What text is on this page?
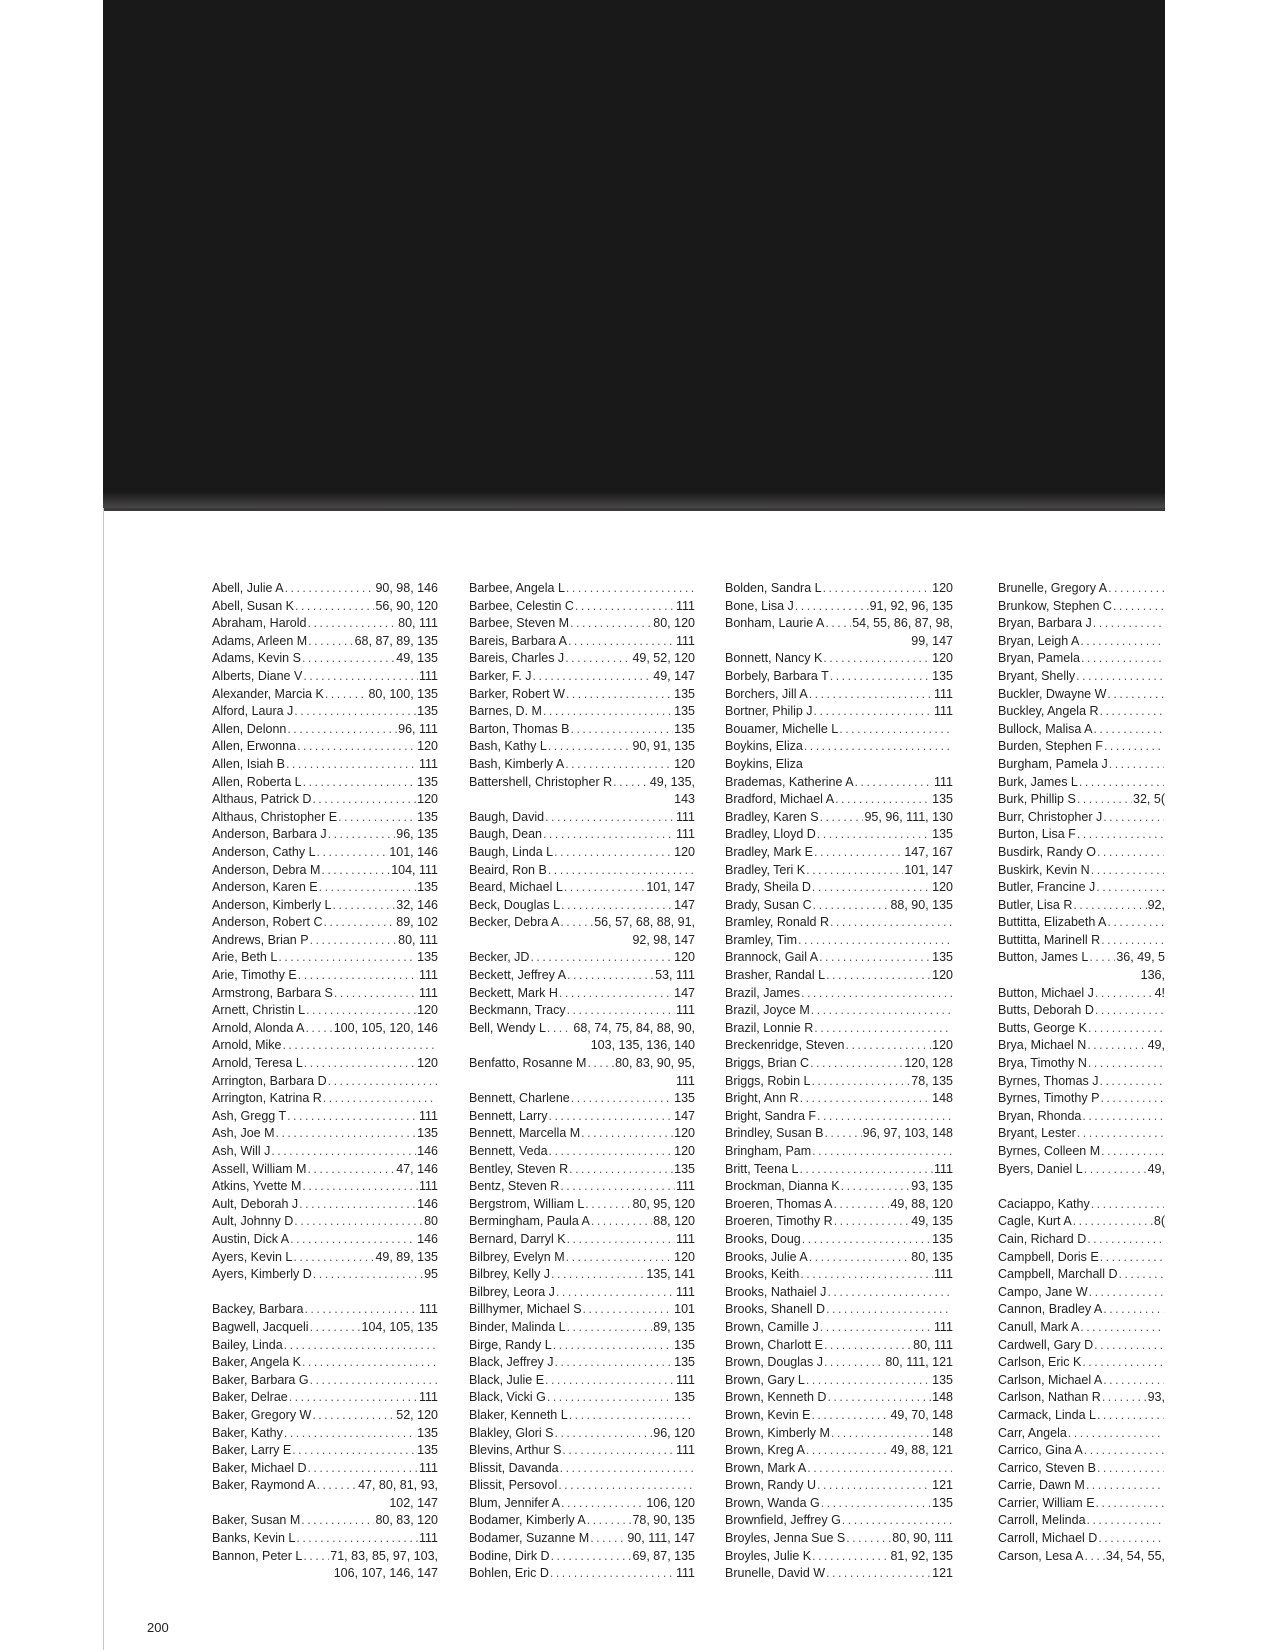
Abell, Julie A . . .	90, 98, 146
Abell, Susan K . . .	56, 90, 120
Abraham, Harold . . .	80, 111
Adams, Arleen M . . .	68, 87, 89, 135
Adams, Kevin S . . .	49, 135
Alberts, Diane V . . .	111
Alexander, Marcia K . . .	80, 100, 135
Alford, Laura J . . .	135
Allen, Delonn . . .	96, 111
Allen, Erwonna . . .	120
Allen, Isiah B . . .	111
Allen, Roberta L . . .	135
Althaus, Patrick D . . .	120
Althaus, Christopher E . . .	135
Anderson, Barbara J . . .	96, 135
Anderson, Cathy L . . .	101, 146
Anderson, Debra M . . .	104, 111
Anderson, Karen E . . .	135
Anderson, Kimberly L . . .	32, 146
Anderson, Robert C . . .	89, 102
Andrews, Brian P . . .	80, 111
Arie, Beth L . . .	135
Arie, Timothy E . . .	111
Armstrong, Barbara S . . .	111
Arnett, Christin L . . .	120
Arnold, Alonda A . . . 100, 105, 120, 146
Arnold, Mike
. . .
Arnold, Teresa L . . .	120
Arrington, Barbara D
. . .
Arrington, Katrina R
. . .
Ash, Gregg T . . .	111
Ash, Joe M . . .	135
Ash, Will J . . .	146
Assell, William M . . .	47, 146
Atkins, Yvette M . . .	111
Ault, Deborah J . . .	146
Ault, Johnny D . . .	80
Austin, Dick A . . .	146
Ayers, Kevin L . . .	49, 89, 135
Ayers, Kimberly D . . .	95
Backey, Barbara . . .	111
Bagwell, Jacqueli . . .	104, 105, 135
Bailey, Linda
. . .
Baker, Angela K
. . .
Baker, Barbara G
. . .
Baker, Delrae . . .	111
Baker, Gregory W . . .	52, 120
Baker, Kathy . . .	135
Baker, Larry E . . .	135
Baker, Michael D . . .	111
Baker, Raymond A . . .	47, 80, 81, 93,
102, 147
Baker, Susan M . . .	80, 83, 120
Banks, Kevin L . . .	111
Bannon, Peter L . . . 71, 83, 85, 97, 103,
106, 107, 146, 147
Barbee, Angela L
. . .
Barbee, Celestin C . . .	111
Barbee, Steven M . . .	80, 120
Bareis, Barbara A . . .	111
Bareis, Charles J . . .	49, 52, 120
Barker, F. J . . .	49, 147
Barker, Robert W . . .	135
Barnes, D. M . . .	135
Barton, Thomas B . . .	135
Bash, Kathy L . . .	90, 91, 135
Bash, Kimberly A . . .	120
Battershell, Christopher R . . .	49, 135,
143
Baugh, David . . .	111
Baugh, Dean . . .	111
Baugh, Linda L . . .	120
Beaird, Ron B
. . .
Beard, Michael L . . .	101, 147
Beck, Douglas L . . .	147
Becker, Debra A . . .	56, 57, 68, 88, 91,
92, 98, 147
Becker, JD . . .	120
Beckett, Jeffrey A . . .	53, 111
Beckett, Mark H . . .	147
Beckmann, Tracy . . .	111
Bell, Wendy L . . . 68, 74, 75, 84, 88, 90,
103, 135, 136, 140
Benfatto, Rosanne M . . . 80, 83, 90, 95,
111
Bennett, Charlene . . .	135
Bennett, Larry . . .	147
Bennett, Marcella M . . .	120
Bennett, Veda . . .	120
Bentley, Steven R . . .	135
Bentz, Steven R . . .	111
Bergstrom, William L . . .	80, 95, 120
Bermingham, Paula A . . .	88, 120
Bernard, Darryl K . . .	111
Bilbrey, Evelyn M . . .	120
Bilbrey, Kelly J . . .	135, 141
Bilbrey, Leora J . . .	111
Billhymer, Michael S . . .	101
Binder, Malinda L . . .	89, 135
Birge, Randy L . . .	135
Black, Jeffrey J . . .	135
Black, Julie E . . .	111
Black, Vicki G . . .	135
Blaker, Kenneth L
. . .
Blakley, Glori S . . .	96, 120
Blevins, Arthur S . . .	111
Blissit, Davanda
. . .
Blissit, Persovol
. . .
Blum, Jennifer A . . .	106, 120
Bodamer, Kimberly A . . .	78, 90, 135
Bodamer, Suzanne M . . .	90, 111, 147
Bodine, Dirk D . . .	69, 87, 135
Bohlen, Eric D . . .	111
Bolden, Sandra L . . .	120
Bone, Lisa J . . .	91, 92, 96, 135
Bonham, Laurie A . . . 54, 55, 86, 87, 98,
99, 147
Bonnett, Nancy K . . .	120
Borbely, Barbara T . . .	135
Borchers, Jill A . . .	111
Bortner, Philip J . . .	111
Bouamer, Michelle L
. . .
Boykins, Eliza
. . .
Boykins, Eliza
Brademas, Katherine A . . .	111
Bradford, Michael A . . .	135
Bradley, Karen S . . .	95, 96, 111, 130
Bradley, Lloyd D . . .	135
Bradley, Mark E . . .	147, 167
Bradley, Teri K . . .	101, 147
Brady, Sheila D . . .	120
Brady, Susan C . . .	88, 90, 135
Bramley, Ronald R
. . .
Bramley, Tim
. . .
Brannock, Gail A . . .	135
Brasher, Randal L . . .	120
Brazil, James
. . .
Brazil, Joyce M
. . .
Brazil, Lonnie R
. . .
Breckenridge, Steven . . .	120
Briggs, Brian C . . .	120, 128
Briggs, Robin L . . .	78, 135
Bright, Ann R . . .	148
Bright, Sandra F
. . .
Brindley, Susan B . . .	96, 97, 103, 148
Bringham, Pam
. . .
Britt, Teena L . . .	111
Brockman, Dianna K . . .	93, 135
Broeren, Thomas A . . .	49, 88, 120
Broeren, Timothy R . . .	49, 135
Brooks, Doug . . .	135
Brooks, Julie A . . .	80, 135
Brooks, Keith . . .	111
Brooks, Nathaiel J
. . .
Brooks, Shanell D
. . .
Brown, Camille J . . .	111
Brown, Charlott E . . .	80, 111
Brown, Douglas J . . .	80, 111, 121
Brown, Gary L . . .	135
Brown, Kenneth D . . .	148
Brown, Kevin E . . .	49, 70, 148
Brown, Kimberly M . . .	148
Brown, Kreg A . . .	49, 88, 121
Brown, Mark A
. . .
Brown, Randy U . . .	121
Brown, Wanda G . . .	135
Brownfield, Jeffrey G
. . .
Broyles, Jenna Sue S . . .	80, 90, 111
Broyles, Julie K . . .	81, 92, 135
Brunelle, David W . . .	121
Brunelle, Gregory A
. . .
Brunkow, Stephen C
. . .
Bryan, Barbara J
. . .
Bryan, Leigh A
. . .
Bryan, Pamela
. . .
Bryant, Shelly
. . .
Buckler, Dwayne W
. . .
Buckley, Angela R
. . .
Bullock, Malisa A
. . .
Burden, Stephen F
. . .
Burgham, Pamela J
. . .
Burk, James L
. . .
Burk, Phillip S . . .	32, 5(
Burr, Christopher J
. . .
Burton, Lisa F
. . .
Busdirk, Randy O
. . .
Buskirk, Kevin N
. . .
Butler, Francine J
. . .
Butler, Lisa R . . .	92,
Buttitta, Elizabeth A
. . .
Buttitta, Marinell R
. . .
Button, James L . . . 36, 49, 5
136,
Button, Michael J . . .	4!
Butts, Deborah D
. . .
Butts, George K
. . .
Brya, Michael N . . .	49,
Brya, Timothy N
. . .
Byrnes, Thomas J
. . .
Byrnes, Timothy P
. . .
Bryan, Rhonda
. . .
Bryant, Lester
. . .
Byrnes, Colleen M
. . .
Byers, Daniel L . . .	49,
Caciappo, Kathy
. . .
Cagle, Kurt A . . .	8(
Cain, Richard D
. . .
Campbell, Doris E
. . .
Campbell, Marchall D
. . .
Campo, Jane W
. . .
Cannon, Bradley A
. . .
Canull, Mark A
. . .
Cardwell, Gary D
. . .
Carlson, Eric K
. . .
Carlson, Michael A
. . .
Carlson, Nathan R . . .	93,
Carmack, Linda L
. . .
Carr, Angela
. . .
Carrico, Gina A
. . .
Carrico, Steven B
. . .
Carrie, Dawn M
. . .
Carrier, William E
. . .
Carroll, Melinda
. . .
Carroll, Michael D
. . .
Carson, Lesa A . . . 34, 54, 55,
200
